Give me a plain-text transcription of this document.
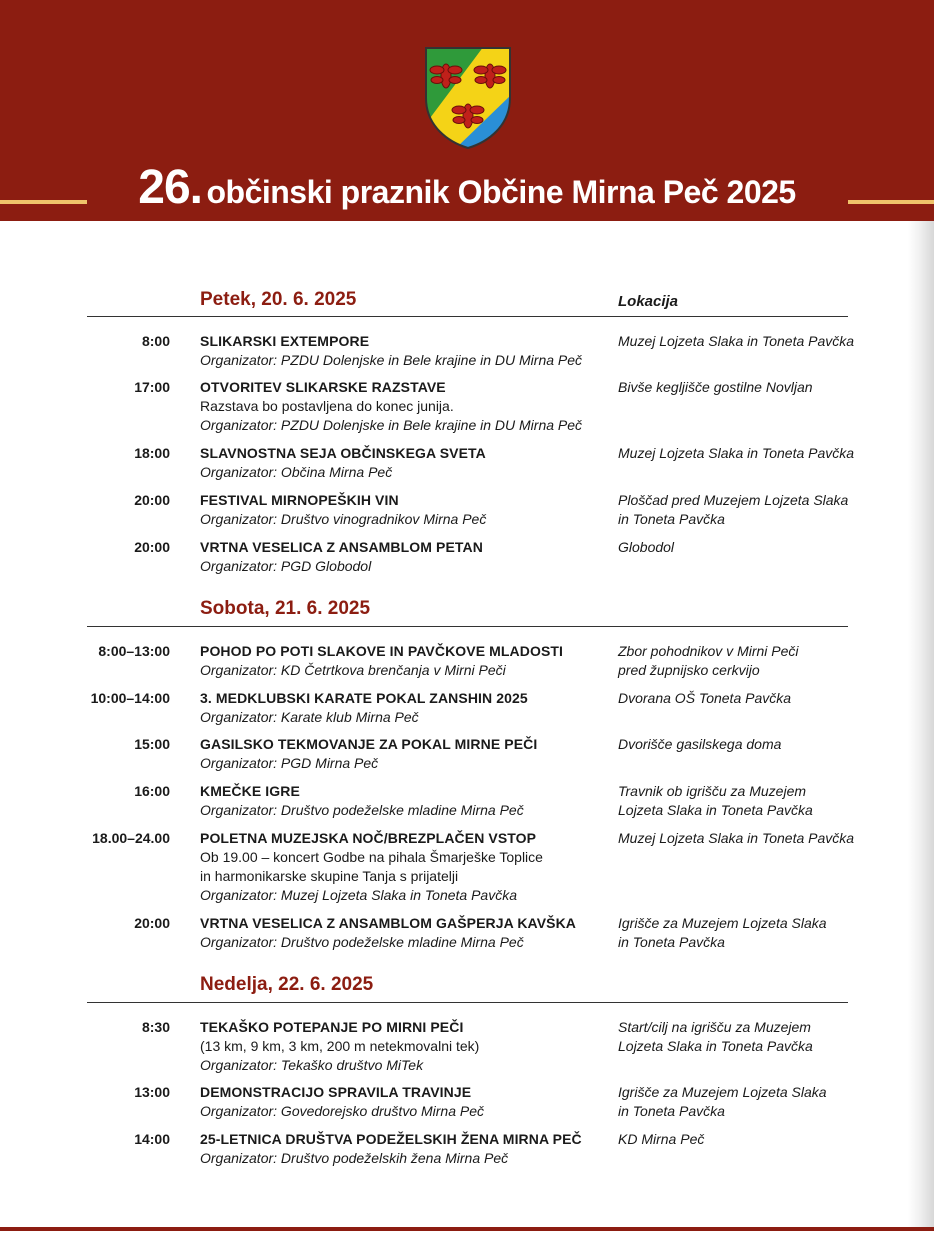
26. občinski praznik Občine Mirna Peč 2025
Lokacija
Petek, 20. 6. 2025
8:00 SLIKARSKI EXTEMPORE
Organizator: PZDU Dolenjske in Bele krajine in DU Mirna Peč
Muzej Lojzeta Slaka in Toneta Pavčka
17:00 OTVORITEV SLIKARSKE RAZSTAVE
Razstava bo postavljena do konec junija.
Organizator: PZDU Dolenjske in Bele krajine in DU Mirna Peč
Bivše kegljišče gostilne Novljan
18:00 SLAVNOSTNA SEJA OBČINSKEGA SVETA
Organizator: Občina Mirna Peč
Muzej Lojzeta Slaka in Toneta Pavčka
20:00 FESTIVAL MIRNOPEŠKIH VIN
Organizator: Društvo vinogradnikov Mirna Peč
Ploščad pred Muzejem Lojzeta Slaka
in Toneta Pavčka
20:00 VRTNA VESELICA Z ANSAMBLOM PETAN
Organizator: PGD Globodol
Globodol
Sobota, 21. 6. 2025
8:00–13:00 POHOD PO POTI SLAKOVE IN PAVČKOVE MLADOSTI
Organizator: KD Četrtkova brenčanja v Mirni Peči
Zbor pohodnikov v Mirni Peči
pred župnijsko cerkvijo
10:00–14:00 3. MEDKLUBSKI KARATE POKAL ZANSHIN 2025
Organizator: Karate klub Mirna Peč
Dvorana OŠ Toneta Pavčka
15:00 GASILSKO TEKMOVANJE ZA POKAL MIRNE PEČI
Organizator: PGD Mirna Peč
Dvorišče gasilskega doma
16:00 KMEČKE IGRE
Organizator: Društvo podeželske mladine Mirna Peč
Travnik ob igrišču za Muzejem
Lojzeta Slaka in Toneta Pavčka
18.00–24.00 POLETNA MUZEJSKA NOČ/BREZPLAČEN VSTOP
Ob 19.00 – koncert Godbe na pihala Šmarješke Toplice
in harmonikarske skupine Tanja s prijatelji
Organizator: Muzej Lojzeta Slaka in Toneta Pavčka
Muzej Lojzeta Slaka in Toneta Pavčka
20:00 VRTNA VESELICA Z ANSAMBLOM GAŠPERJA KAVŠKA
Organizator: Društvo podeželske mladine Mirna Peč
Igrišče za Muzejem Lojzeta Slaka
in Toneta Pavčka
Nedelja, 22. 6. 2025
8:30 TEKAŠKO POTEPANJE PO MIRNI PEČI
(13 km, 9 km, 3 km, 200 m netekmovalni tek)
Organizator: Tekaško društvo MiTek
Start/cilj na igrišču za Muzejem
Lojzeta Slaka in Toneta Pavčka
13:00 DEMONSTRACIJO SPRAVILA TRAVINJE
Organizator: Govedorejsko društvo Mirna Peč
Igrišče za Muzejem Lojzeta Slaka
in Toneta Pavčka
14:00 25-LETNICA DRUŠTVA PODEŽELSKIH ŽENA MIRNA PEČ
Organizator: Društvo podeželskih žena Mirna Peč
KD Mirna Peč
